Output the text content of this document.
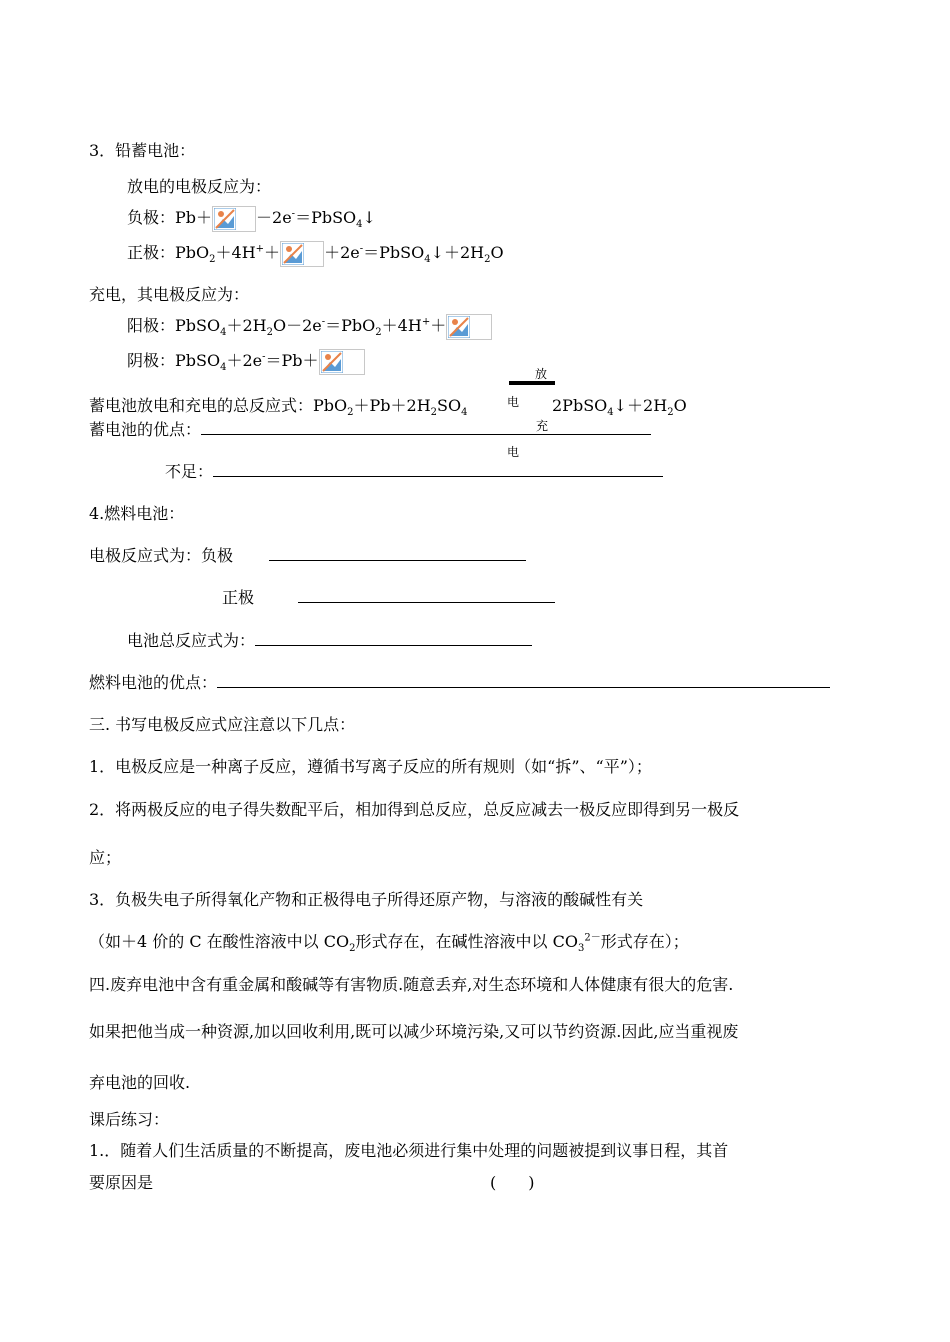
3．铅蓄电池：
放电的电极反应为：
负极：Pb＋	－2e-＝PbSO$_4$↓
正极：PbO$_2$＋4H+＋	$+2e^-=PbSO_4↓+2H_2O$
充电，其电极反应为：
阳极：$PbSO_4+2H_2O-2e^-=PbO_2+4H^++$
阴极：PbSO$_4$＋2e-＝Pb＋
蓄电池放电和充电的总反应式：$PbO_2+Pb+2H_2SO_4$
放
电 $2PbSO_4↓+2H_2O$
充
电
蓄电池的优点：
不足：
4.燃料电池：
电极反应式为：负极
正极
电池总反应式为：
燃料电池的优点：
三. 书写电极反应式应注意以下几点：
1．电极反应是一种离子反应，遵循书写离子反应的所有规则（如“拆”、“平”）；
2．将两极反应的电子得失数配平后，相加得到总反应，总反应减去一极反应即得到另一极反
应；
3．负极失电子所得氧化产物和正极得电子所得还原产物，与溶液的酸碱性有关
（如＋4 价的 C 在酸性溶液中以 $CO_2$形式存在，在碱性溶液中以 $CO_3^{2-}$形式存在）；
四.废弃电池中含有重金属和酸碱等有害物质.随意丢弃,对生态环境和人体健康有很大的危害.
如果把他当成一种资源,加以回收利用,既可以减少环境污染,又可以节约资源.因此,应当重视废
弃电池的回收.
课后练习：
1.．随着人们生活质量的不断提高，废电池必须进行集中处理的问题被提到议事日程，其首
要原因是	(　　)
